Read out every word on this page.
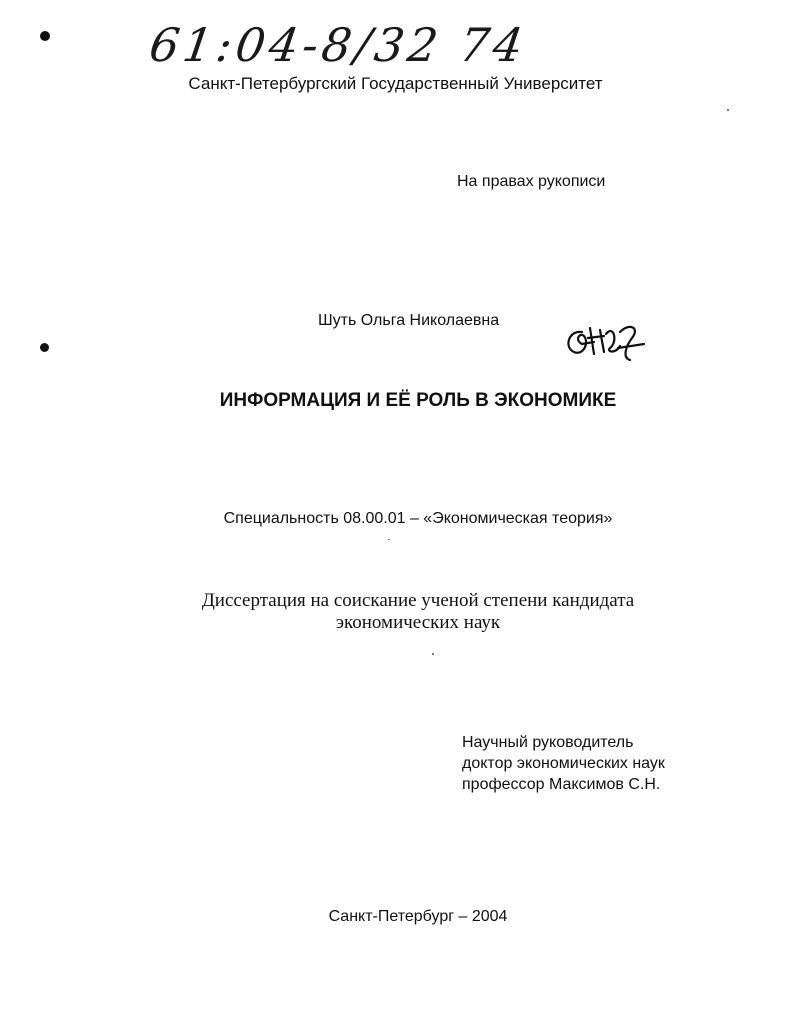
61:04-8/32 74
Санкт-Петербургский Государственный Университет
На правах рукописи
Шуть Ольга Николаевна
ИНФОРМАЦИЯ И ЕЁ РОЛЬ В ЭКОНОМИКЕ
Специальность 08.00.01 – «Экономическая теория»
Диссертация на соискание ученой степени кандидата
экономических наук
Научный руководитель
доктор экономических наук
профессор Максимов С.Н.
Санкт-Петербург – 2004
